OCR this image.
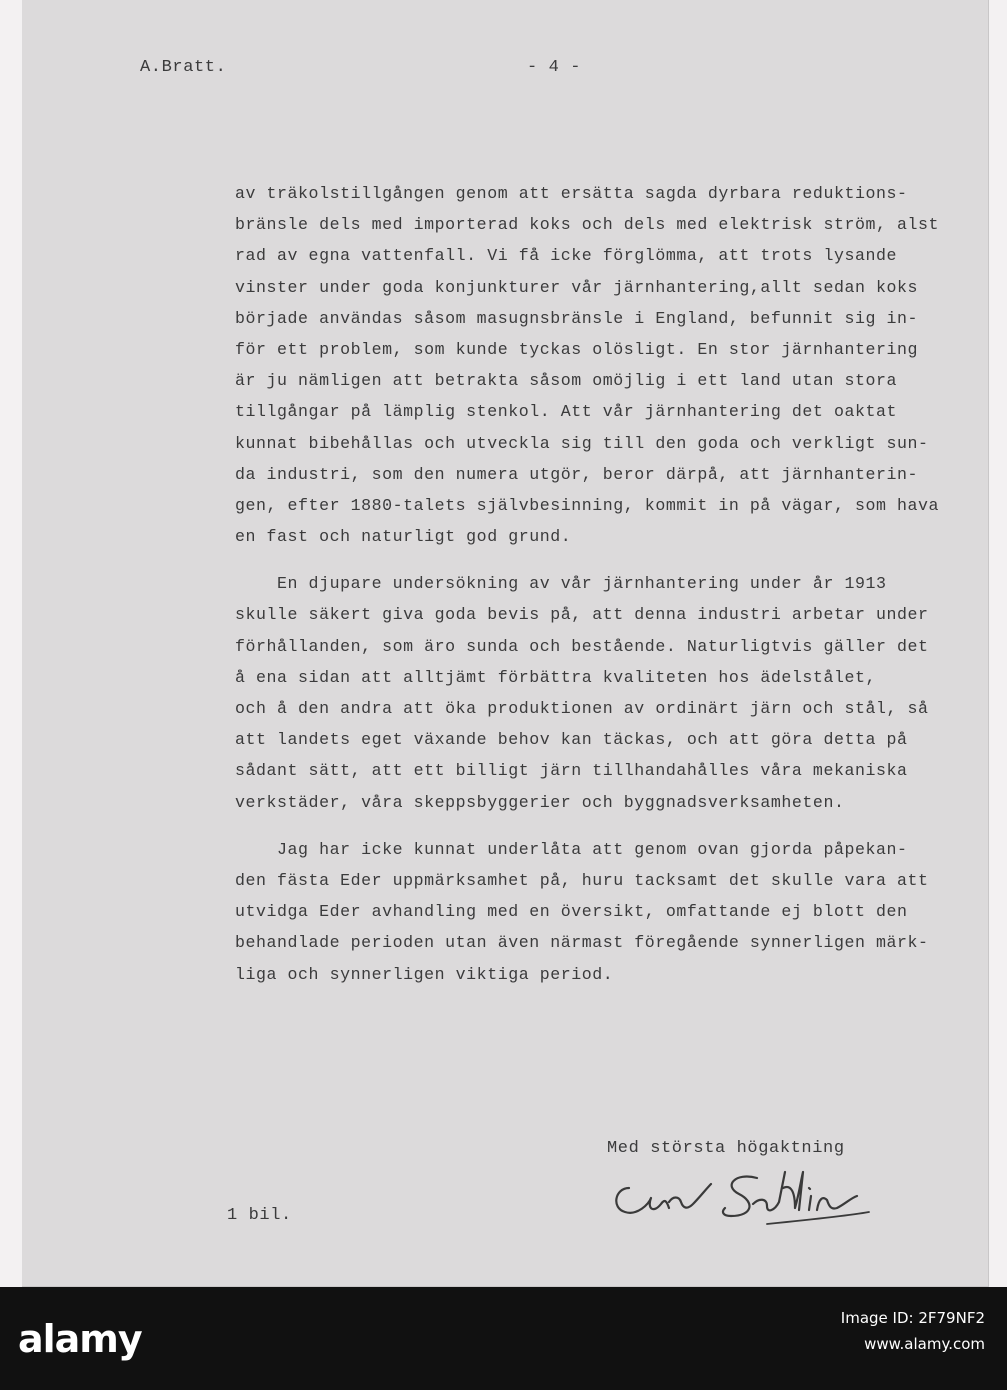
A.Bratt.	- 4 -

av träkolstillgången genom att ersätta sagda dyrbara reduktions-
bränsle dels med importerad koks och dels med elektrisk ström, alst
rad av egna vattenfall. Vi få icke förglömma, att trots lysande
vinster under goda konjunkturer vår järnhantering,allt sedan koks
började användas såsom masugnsbränsle i England, befunnit sig in-
för ett problem, som kunde tyckas olösligt. En stor järnhantering
är ju nämligen att betrakta såsom omöjlig i ett land utan stora
tillgångar på lämplig stenkol. Att vår järnhantering det oaktat
kunnat bibehållas och utveckla sig till den goda och verkligt sun-
da industri, som den numera utgör, beror därpå, att järnhanterin-
gen, efter 1880-talets självbesinning, kommit in på vägar, som hava
en fast och naturligt god grund.
En djupare undersökning av vår järnhantering under år 1913
skulle säkert giva goda bevis på, att denna industri arbetar under
förhållanden, som äro sunda och bestående. Naturligtvis gäller det
å ena sidan att alltjämt förbättra kvaliteten hos ädelstålet,
och å den andra att öka produktionen av ordinärt järn och stål, så
att landets eget växande behov kan täckas, och att göra detta på
sådant sätt, att ett billigt järn tillhandahålles våra mekaniska
verkstäder, våra skeppsbyggerier och byggnadsverksamheten.
Jag har icke kunnat underlåta att genom ovan gjorda påpekan-
den fästa Eder uppmärksamhet på, huru tacksamt det skulle vara att
utvidga Eder avhandling med en översikt, omfattande ej blott den
behandlade perioden utan även närmast föregående synnerligen märk-
liga och synnerligen viktiga period.

Med största högaktning

1 bil.

alamy	Image ID: 2F79NF2
www.alamy.com
